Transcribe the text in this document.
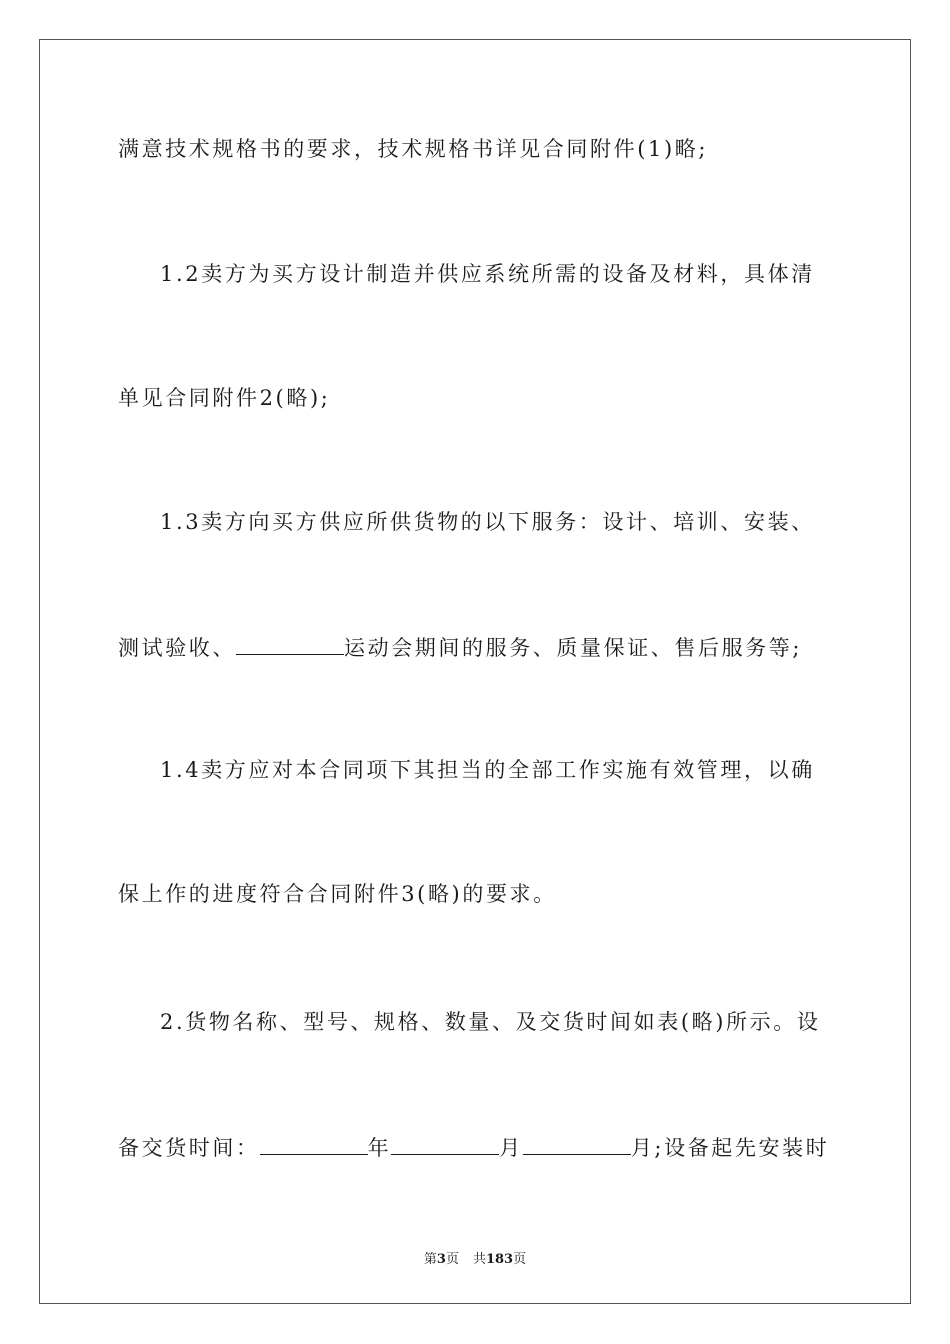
满意技术规格书的要求，技术规格书详见合同附件(1)略;
1.2卖方为买方设计制造并供应系统所需的设备及材料，具体清
单见合同附件2(略);
1.3卖方向买方供应所供货物的以下服务：设计、培训、安装、
测试验收、	运动会期间的服务、质量保证、售后服务等;
1.4卖方应对本合同项下其担当的全部工作实施有效管理，以确
保上作的进度符合合同附件3(略)的要求。
2.货物名称、型号、规格、数量、及交货时间如表(略)所示。设
备交货时间：	年	月	月;设备起先安装时
第3页 共183页
